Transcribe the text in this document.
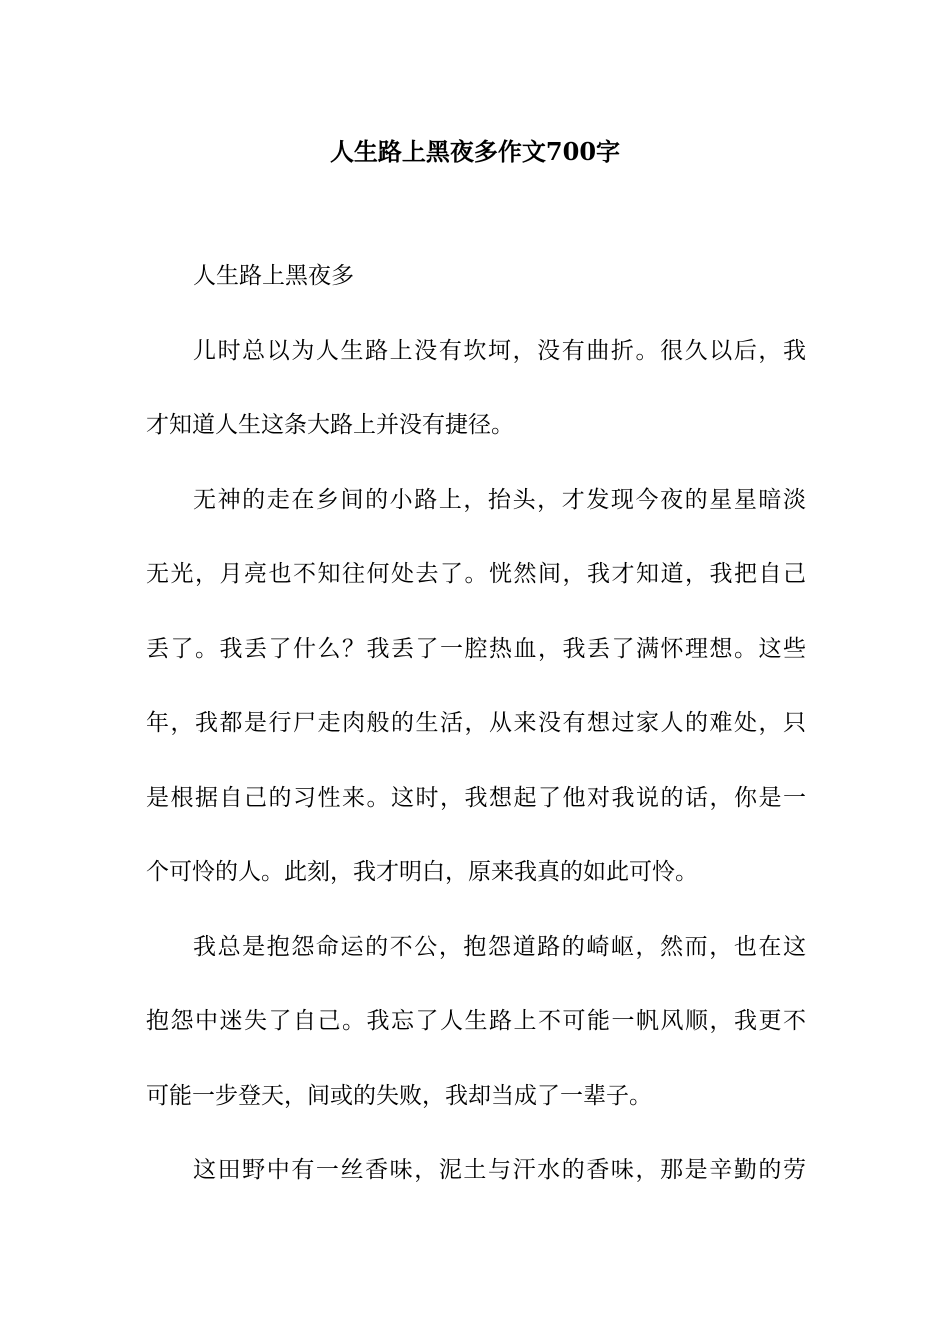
人生路上黑夜多作文700字
人生路上黑夜多
儿时总以为人生路上没有坎坷，没有曲折。很久以后，我
才知道人生这条大路上并没有捷径。
无神的走在乡间的小路上，抬头，才发现今夜的星星暗淡
无光，月亮也不知往何处去了。恍然间，我才知道，我把自己
丢了。我丢了什么？我丢了一腔热血，我丢了满怀理想。这些
年，我都是行尸走肉般的生活，从来没有想过家人的难处，只
是根据自己的习性来。这时，我想起了他对我说的话，你是一
个可怜的人。此刻，我才明白，原来我真的如此可怜。
我总是抱怨命运的不公，抱怨道路的崎岖，然而，也在这
抱怨中迷失了自己。我忘了人生路上不可能一帆风顺，我更不
可能一步登天，间或的失败，我却当成了一辈子。
这田野中有一丝香味，泥土与汗水的香味，那是辛勤的劳
